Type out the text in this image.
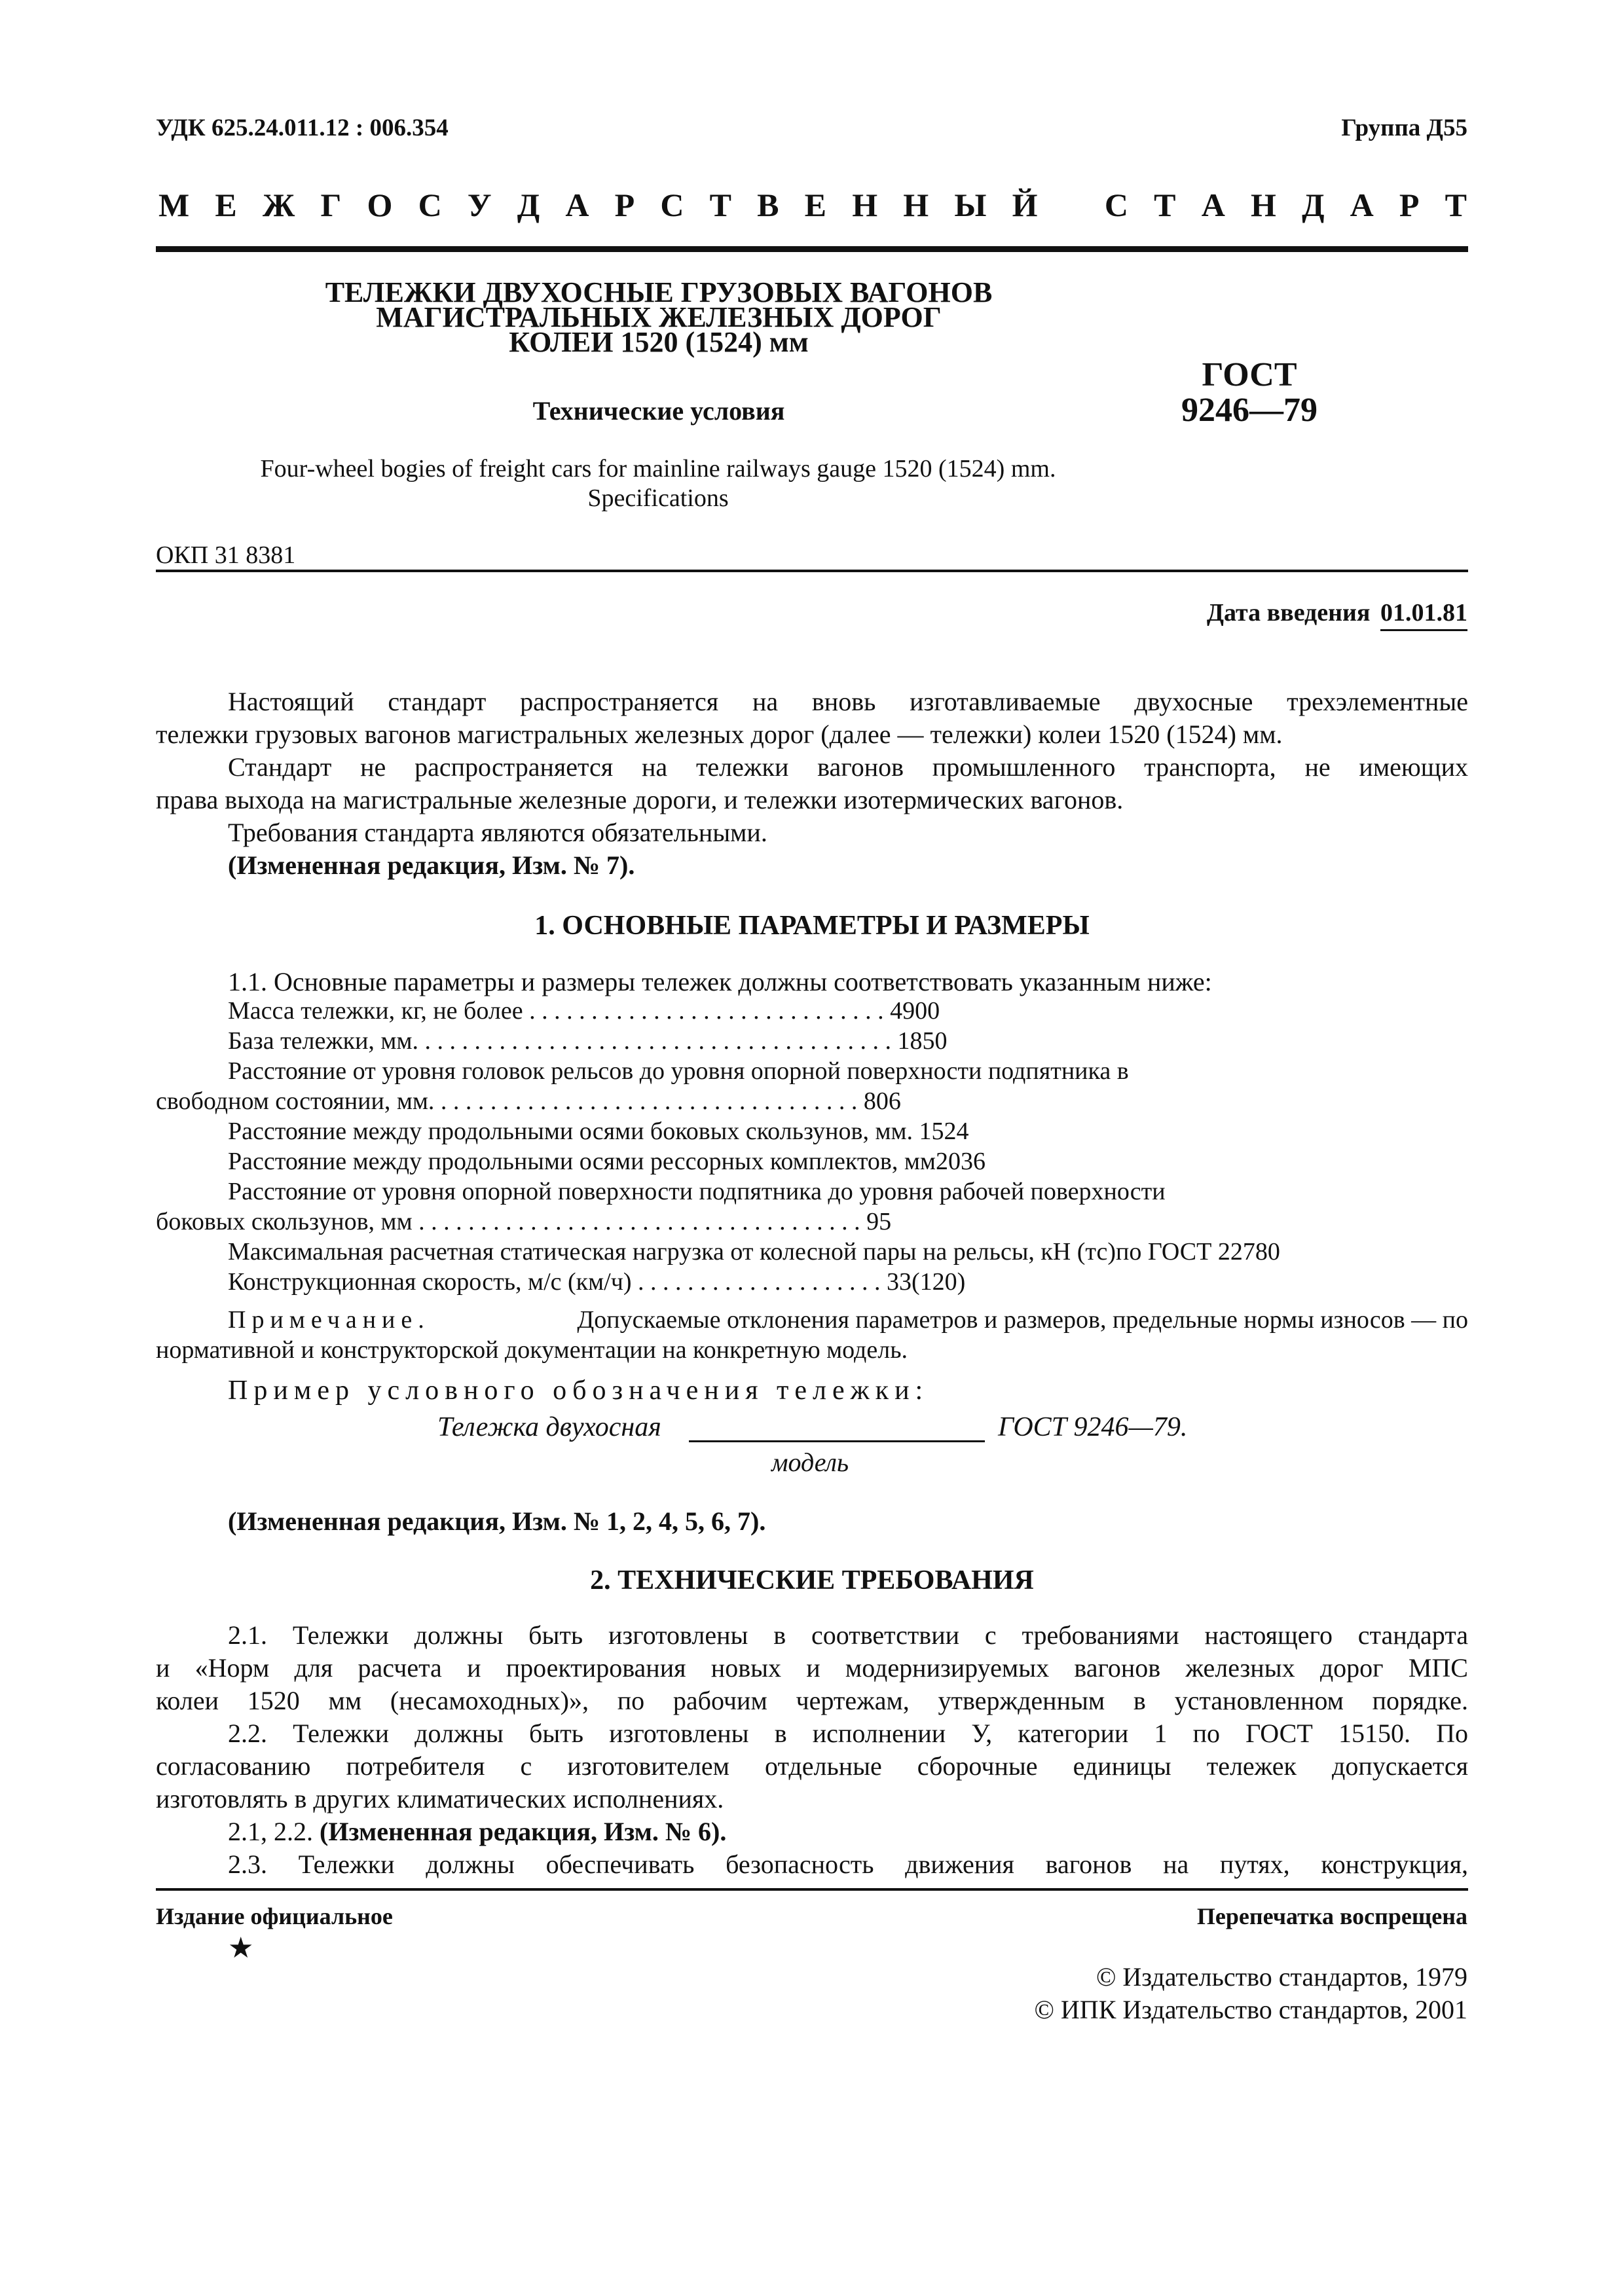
УДК 625.24.011.12 : 006.354	Группа Д55
М Е Ж Г О С У Д А Р С Т В Е Н Н Ы Й С Т А Н Д А Р Т
ТЕЛЕЖКИ ДВУХОСНЫЕ ГРУЗОВЫХ ВАГОНОВ
МАГИСТРАЛЬНЫХ ЖЕЛЕЗНЫХ ДОРОГ
КОЛЕИ 1520 (1524) мм
Технические условия
ГОСТ
9246—79
Four-wheel bogies of freight cars for mainline railways gauge 1520 (1524) mm.
Specifications
ОКП 31 8381
Дата введения 01.01.81
Настоящий стандарт распространяется на вновь изготавливаемые двухосные трехэлементные
тележки грузовых вагонов магистральных железных дорог (далее — тележки) колеи 1520 (1524) мм.
Стандарт не распространяется на тележки вагонов промышленного транспорта, не имеющих
права выхода на магистральные железные дороги, и тележки изотермических вагонов.
Требования стандарта являются обязательными.
(Измененная редакция, Изм. № 7).
1. ОСНОВНЫЕ ПАРАМЕТРЫ И РАЗМЕРЫ
1.1. Основные параметры и размеры тележек должны соответствовать указанным ниже:
Масса тележки, кг, не более . . . . . . . . . . . . . . . . . . . . . . . . . . . . . 4900
База тележки, мм. . . . . . . . . . . . . . . . . . . . . . . . . . . . . . . . . . . . . . . 1850
Расстояние от уровня головок рельсов до уровня опорной поверхности подпятника в
свободном состоянии, мм. . . . . . . . . . . . . . . . . . . . . . . . . . . . . . . . . . . 806
Расстояние между продольными осями боковых скользунов, мм. 1524
Расстояние между продольными осями рессорных комплектов, мм2036
Расстояние от уровня опорной поверхности подпятника до уровня рабочей поверхности
боковых скользунов, мм . . . . . . . . . . . . . . . . . . . . . . . . . . . . . . . . . . . . 95
Максимальная расчетная статическая нагрузка от колесной пары на рельсы, кН (тс)по ГОСТ 22780
Конструкционная скорость, м/с (км/ч) . . . . . . . . . . . . . . . . . . . . 33(120)
Примечание.	Допускаемые отклонения параметров и размеров, предельные нормы износов — по
нормативной и конструкторской документации на конкретную модель.
Пример условного обозначения тележки:
Тележка двухосная	ГОСТ 9246—79.
модель
(Измененная редакция, Изм. № 1, 2, 4, 5, 6, 7).
2. ТЕХНИЧЕСКИЕ ТРЕБОВАНИЯ
2.1. Тележки должны быть изготовлены в соответствии с требованиями настоящего стандарта
и «Норм для расчета и проектирования новых и модернизируемых вагонов железных дорог МПС
колеи 1520 мм (несамоходных)», по рабочим чертежам, утвержденным в установленном порядке.
2.2. Тележки должны быть изготовлены в исполнении У, категории 1 по ГОСТ 15150. По
согласованию потребителя с изготовителем отдельные сборочные единицы тележек допускается
изготовлять в других климатических исполнениях.
2.1, 2.2. (Измененная редакция, Изм. № 6).
2.3. Тележки должны обеспечивать безопасность движения вагонов на путях, конструкция,
Издание официальное	Перепечатка воспрещена
★
© Издательство стандартов, 1979
© ИПК Издательство стандартов, 2001
